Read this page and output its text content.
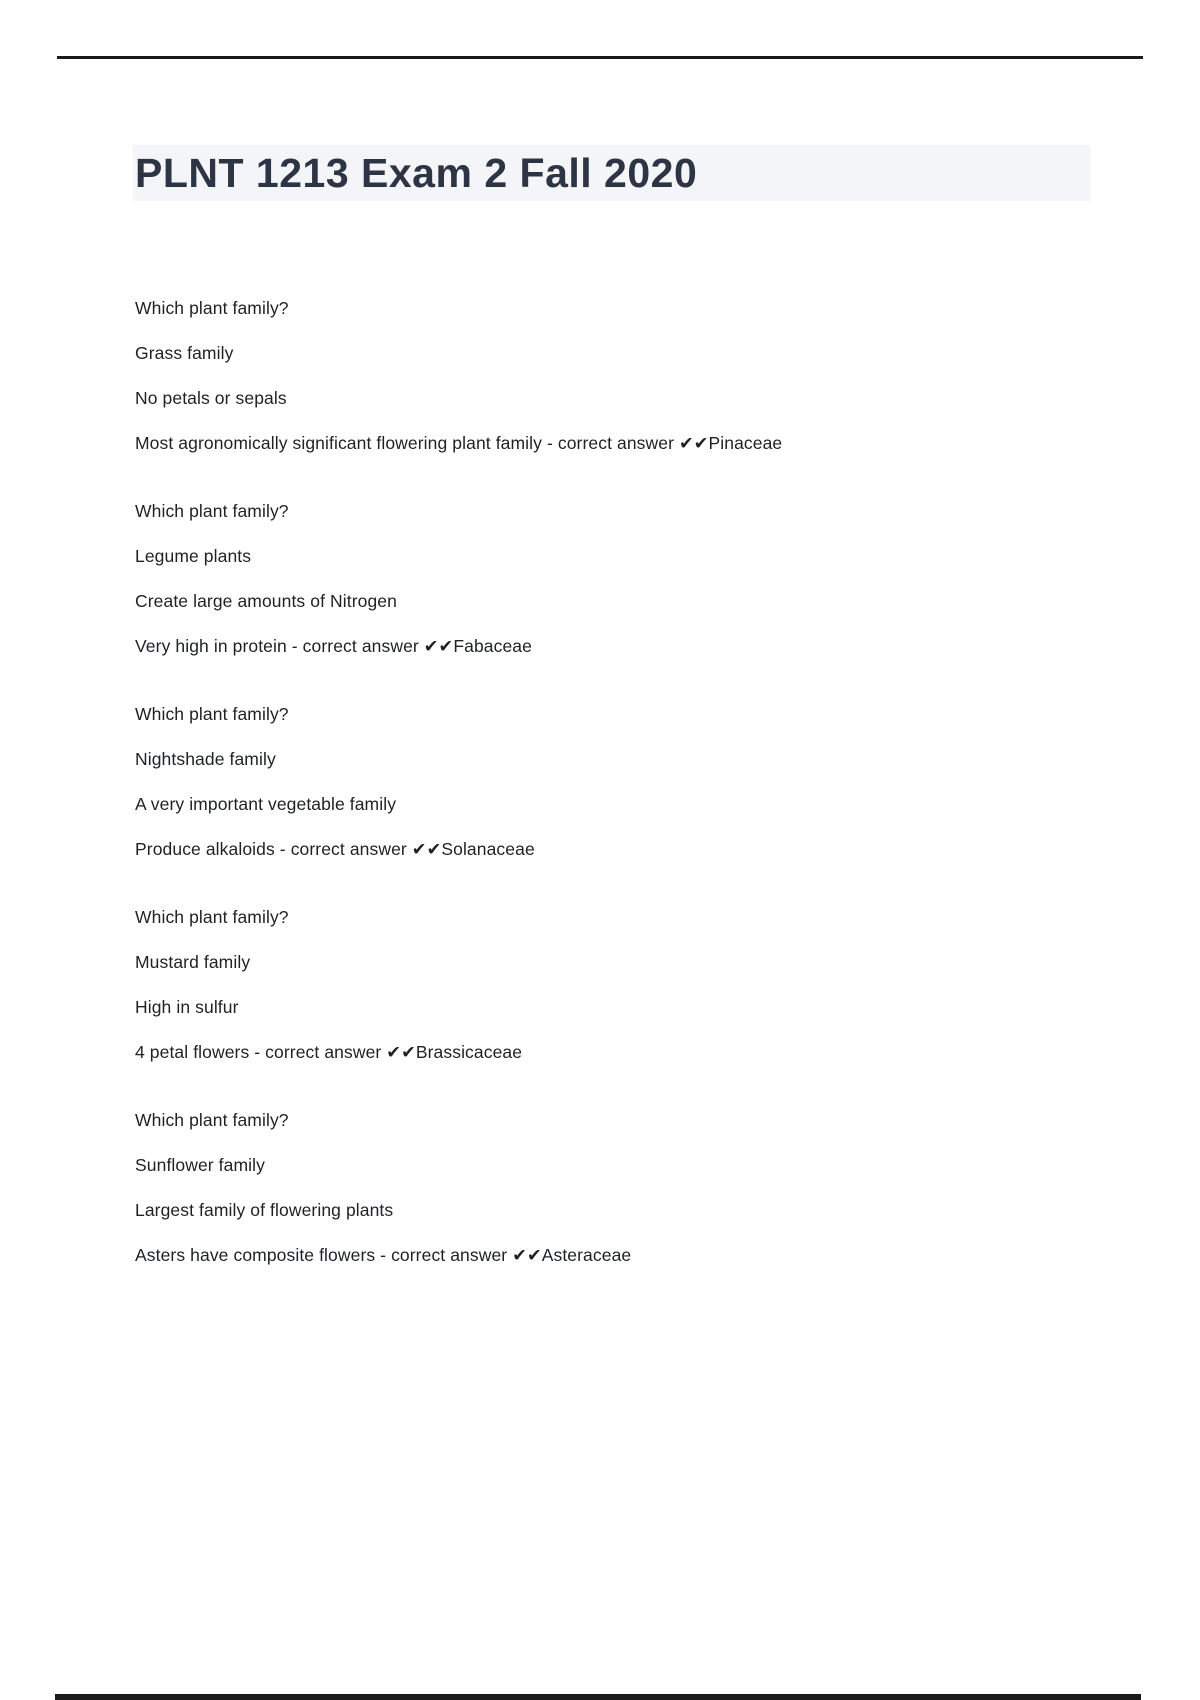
PLNT 1213 Exam 2 Fall 2020

Which plant family?

Grass family

No petals or sepals

Most agronomically significant flowering plant family - correct answer ✔✔Pinaceae

Which plant family?

Legume plants

Create large amounts of Nitrogen

Very high in protein - correct answer ✔✔Fabaceae

Which plant family?

Nightshade family

A very important vegetable family

Produce alkaloids - correct answer ✔✔Solanaceae

Which plant family?

Mustard family

High in sulfur

4 petal flowers - correct answer ✔✔Brassicaceae

Which plant family?

Sunflower family

Largest family of flowering plants

Asters have composite flowers - correct answer ✔✔Asteraceae
